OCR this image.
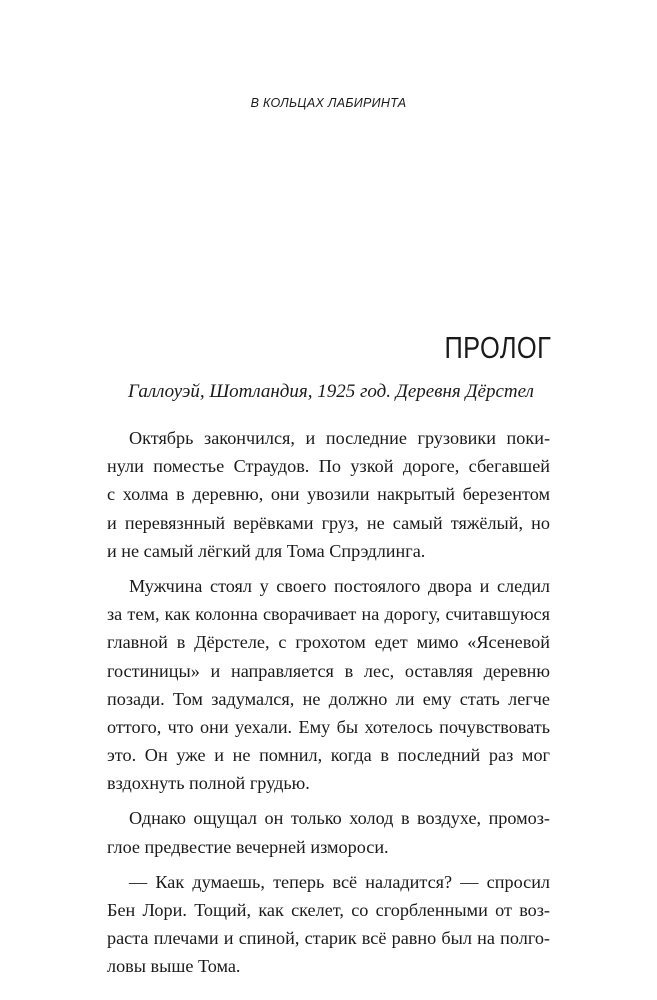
В КОЛЬЦАХ ЛАБИРИНТА
ПРОЛОГ
Галлоуэй, Шотландия, 1925 год. Деревня Дёрстел
Октябрь закончился, и последние грузовики поки-
нули поместье Страудов. По узкой дороге, сбегавшей
с холма в деревню, они увозили накрытый березентом
и перевязнный верёвками груз, не самый тяжёлый, но
и не самый лёгкий для Тома Спрэдлинга.
Мужчина стоял у своего постоялого двора и следил
за тем, как колонна сворачивает на дорогу, считавшуюся
главной в Дёрстеле, с грохотом едет мимо «Ясеневой
гостиницы» и направляется в лес, оставляя деревню
позади. Том задумался, не должно ли ему стать легче
оттого, что они уехали. Ему бы хотелось почувствовать
это. Он уже и не помнил, когда в последний раз мог
вздохнуть полной грудью.
Однако ощущал он только холод в воздухе, промоз-
глое предвестие вечерней измороси.
— Как думаешь, теперь всё наладится? — спросил
Бен Лори. Тощий, как скелет, со сгорбленными от воз-
раста плечами и спиной, старик всё равно был на полго-
ловы выше Тома.
